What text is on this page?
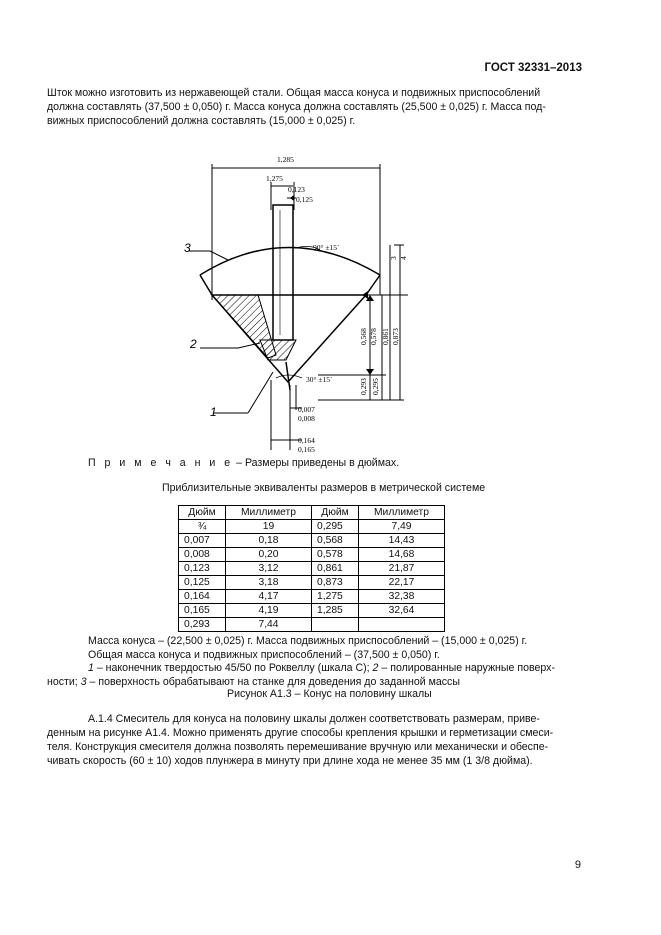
ГОСТ 32331–2013
Шток можно изготовить из нержавеющей стали. Общая масса конуса и подвижных приспособлений
должна составлять (37,500 ± 0,050) г. Масса конуса должна составлять (25,500 ± 0,025) г. Масса под-
вижных приспособлений должна составлять (15,000 ± 0,025) г.
1,285
1,275
0,123
0,125
90° ±15´
3 4
0,568 0,578 0,861 0,873
0,293 0,295
30° ±15´
0,007
0,008
0,164
0,165
3
2
1
П р и м е ч а н и е – Размеры приведены в дюймах.
Приблизительные эквиваленты размеров в метрической системе
Дюйм	Миллиметр	Дюйм	Миллиметр
¾	19	0,295	7,49
0,007	0,18	0,568	14,43
0,008	0,20	0,578	14,68
0,123	3,12	0,861	21,87
0,125	3,18	0,873	22,17
0,164	4,17	1,275	32,38
0,165	4,19	1,285	32,64
0,293	7,44		
Масса конуса – (22,500 ± 0,025) г. Масса подвижных приспособлений – (15,000 ± 0,025) г.
Общая масса конуса и подвижных приспособлений – (37,500 ± 0,050) г.
1 – наконечник твердостью 45/50 по Роквеллу (шкала С); 2 – полированные наружные поверх-
ности; 3 – поверхность обрабатывают на станке для доведения до заданной массы
Рисунок А1.3 – Конус на половину шкалы
А.1.4 Смеситель для конуса на половину шкалы должен соответствовать размерам, приве-
денным на рисунке А1.4. Можно применять другие способы крепления крышки и герметизации смеси-
теля. Конструкция смесителя должна позволять перемешивание вручную или механически и обеспе-
чивать скорость (60 ± 10) ходов плунжера в минуту при длине хода не менее 35 мм (1 3/8 дюйма).
9
